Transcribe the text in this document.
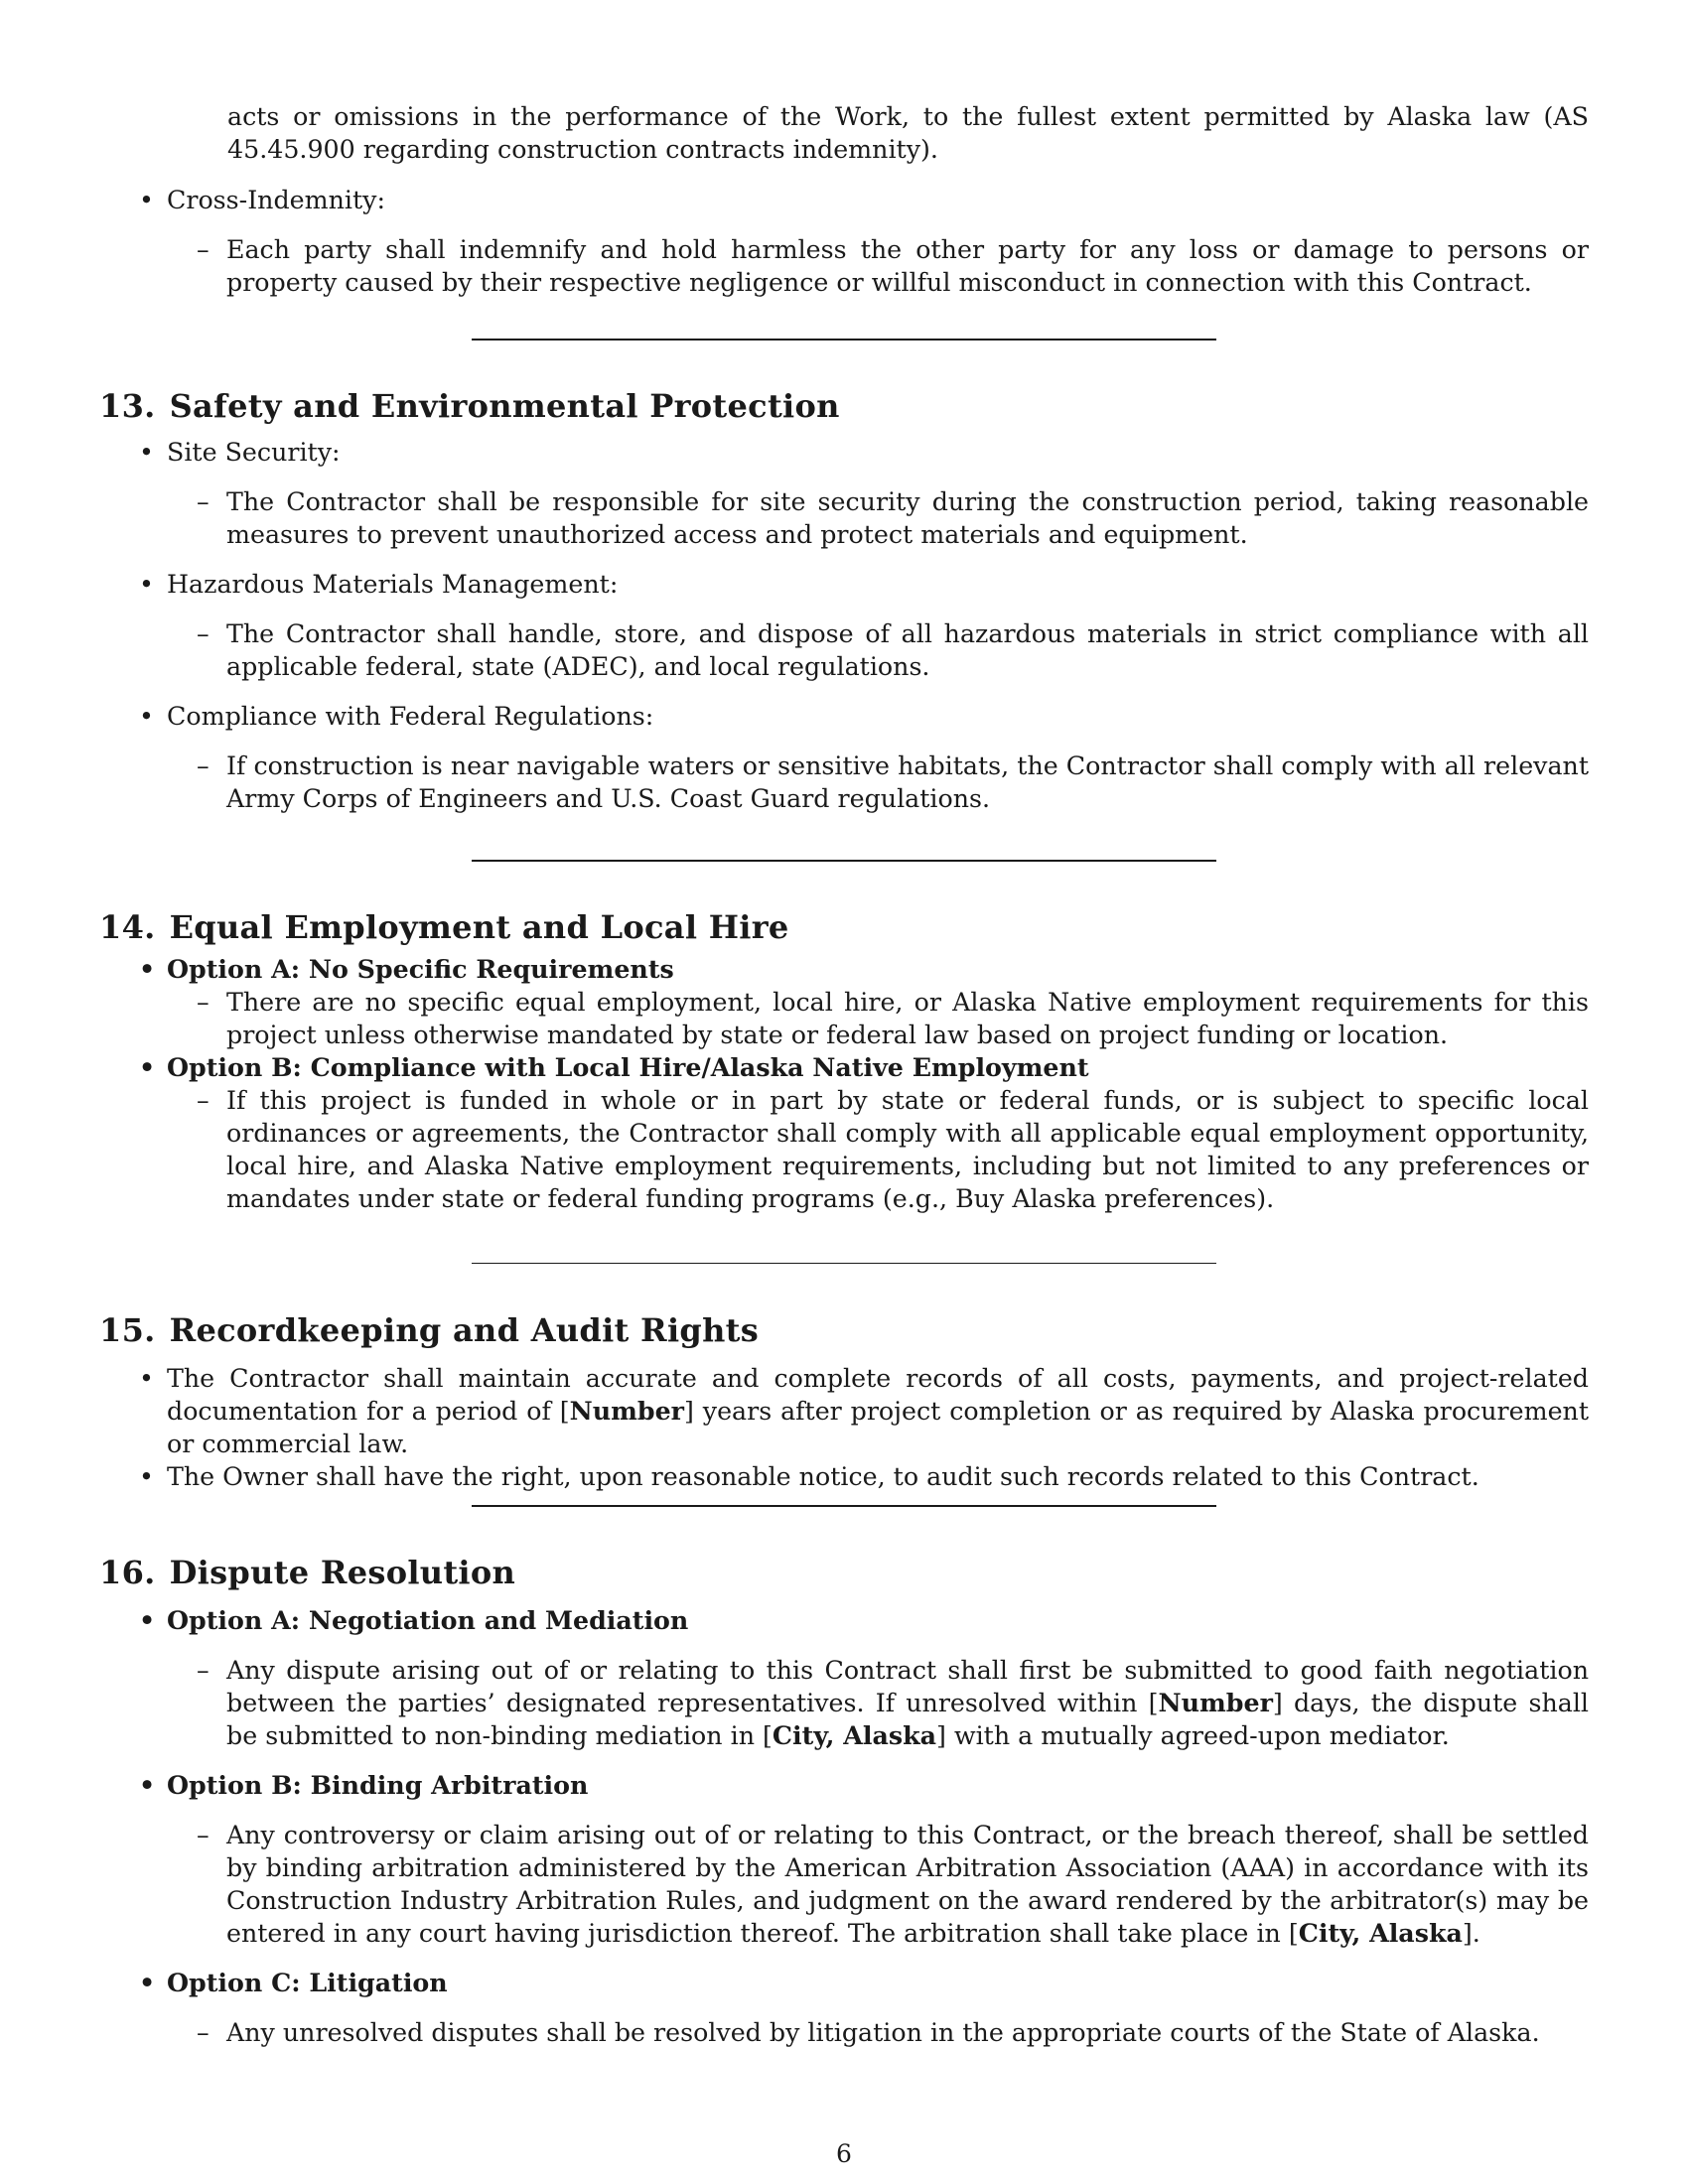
acts or omissions in the performance of the Work, to the fullest extent permitted by Alaska law (AS 45.45.900 regarding construction contracts indemnity).

• Cross-Indemnity:
– Each party shall indemnify and hold harmless the other party for any loss or damage to persons or property caused by their respective negligence or willful misconduct in connection with this Contract.
13. Safety and Environmental Protection
• Site Security:
– The Contractor shall be responsible for site security during the construction period, taking reasonable measures to prevent unauthorized access and protect materials and equipment.
• Hazardous Materials Management:
– The Contractor shall handle, store, and dispose of all hazardous materials in strict compliance with all applicable federal, state (ADEC), and local regulations.
• Compliance with Federal Regulations:
– If construction is near navigable waters or sensitive habitats, the Contractor shall comply with all relevant Army Corps of Engineers and U.S. Coast Guard regulations.
14. Equal Employment and Local Hire
• Option A: No Specific Requirements
– There are no specific equal employment, local hire, or Alaska Native employment requirements for this project unless otherwise mandated by state or federal law based on project funding or location.
• Option B: Compliance with Local Hire/Alaska Native Employment
– If this project is funded in whole or in part by state or federal funds, or is subject to specific local ordinances or agreements, the Contractor shall comply with all applicable equal employment opportunity, local hire, and Alaska Native employment requirements, including but not limited to any preferences or mandates under state or federal funding programs (e.g., Buy Alaska preferences).
15. Recordkeeping and Audit Rights
• The Contractor shall maintain accurate and complete records of all costs, payments, and project-related documentation for a period of [Number] years after project completion or as required by Alaska procurement or commercial law.
• The Owner shall have the right, upon reasonable notice, to audit such records related to this Contract.
16. Dispute Resolution
• Option A: Negotiation and Mediation
– Any dispute arising out of or relating to this Contract shall first be submitted to good faith negotiation between the parties’ designated representatives. If unresolved within [Number] days, the dispute shall be submitted to non-binding mediation in [City, Alaska] with a mutually agreed-upon mediator.
• Option B: Binding Arbitration
– Any controversy or claim arising out of or relating to this Contract, or the breach thereof, shall be settled by binding arbitration administered by the American Arbitration Association (AAA) in accordance with its Construction Industry Arbitration Rules, and judgment on the award rendered by the arbitrator(s) may be entered in any court having jurisdiction thereof. The arbitration shall take place in [City, Alaska].
• Option C: Litigation
– Any unresolved disputes shall be resolved by litigation in the appropriate courts of the State of Alaska.
6
